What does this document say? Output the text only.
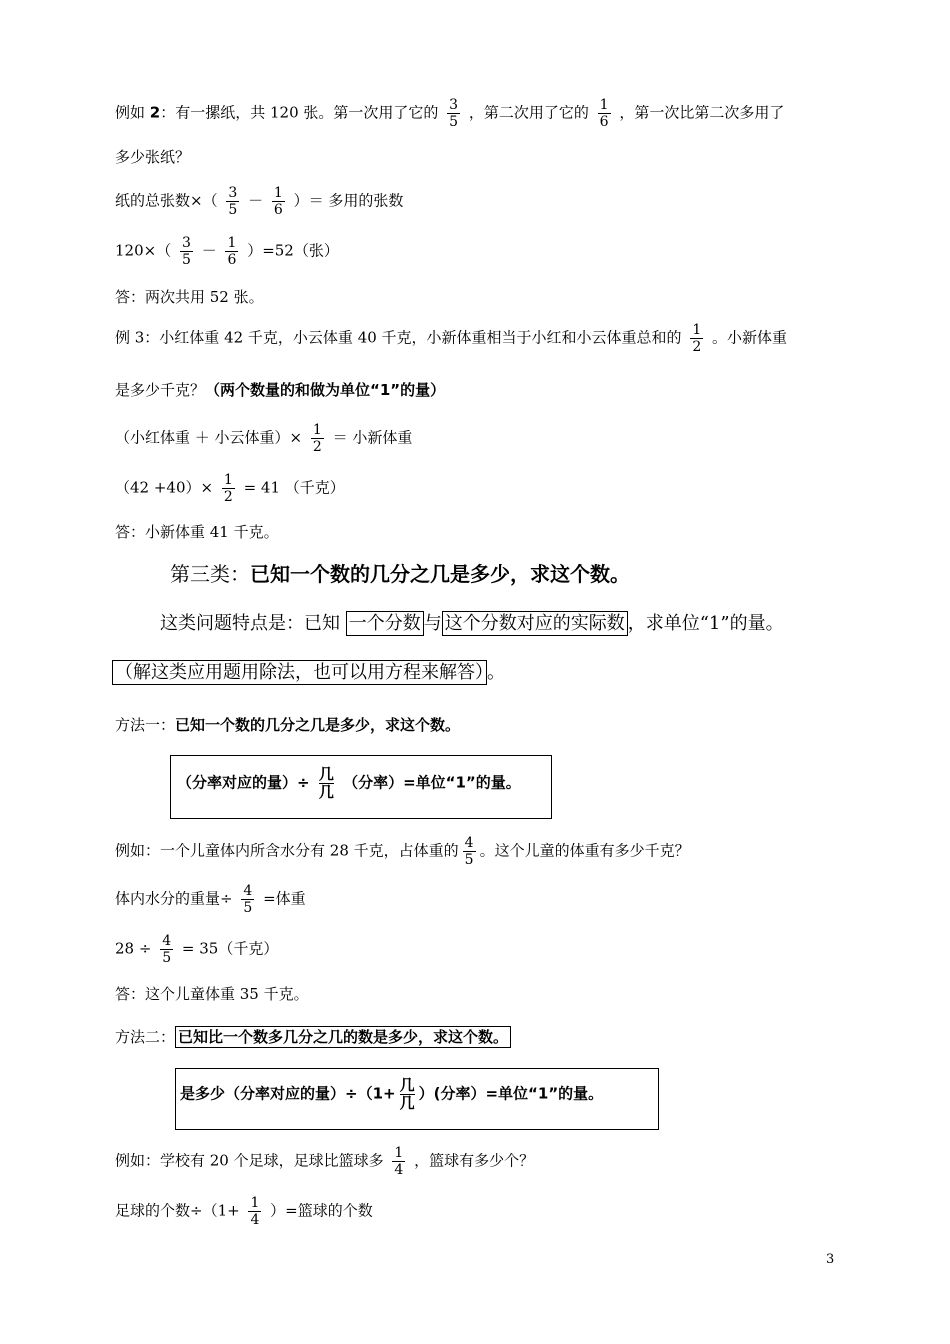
例如 2：有一摞纸，共 120 张。第一次用了它的 $\frac{3}{5}$ ，第二次用了它的 $\frac{1}{6}$ ，第一次比第二次多用了
多少张纸？
纸的总张数×（ $\frac{3}{5} - \frac{1}{6}$ ）＝ 多用的张数
$120\times( \frac{3}{5} - \frac{1}{6} )=52$（张）
答：两次共用 52 张。
例 3：小红体重 42 千克，小云体重 40 千克，小新体重相当于小红和小云体重总和的 $\frac{1}{2}$ 。小新体重
是多少千克？（两个数量的和做为单位“1”的量）
（小红体重 ＋ 小云体重）× $\frac{1}{2}$ ＝ 小新体重
$(42 +40)\times \frac{1}{2} = 41$ （千克）
答：小新体重 41 千克。
第三类：已知一个数的几分之几是多少，求这个数。
这类问题特点是：已知 一个分数 与 这个分数对应的实际数 ，求单位“1”的量。
（解这类应用题用除法，也可以用方程来解答） 。
方法一：已知一个数的几分之几是多少，求这个数。
（分率对应的量）÷ 几
几 （分率）=单位“1”的量。
例如：一个儿童体内所含水分有 28 千克，占体重的 $\frac{4}{5}$ 。这个儿童的体重有多少千克？
体内水分的重量÷ $\frac{4}{5}$ =体重
$28 \div \frac{4}{5} = 35$（千克）
答：这个儿童体重 35 千克。
方法二： 已知比一个数多几分之几的数是多少，求这个数。
是多少（分率对应的量）÷（1+ 几
几 ）(分率）=单位“1”的量。
例如：学校有 20 个足球，足球比篮球多 $\frac{1}{4}$ ，篮球有多少个？
足球的个数$\div(1+ \frac{1}{4}$ ）=篮球的个数
3
